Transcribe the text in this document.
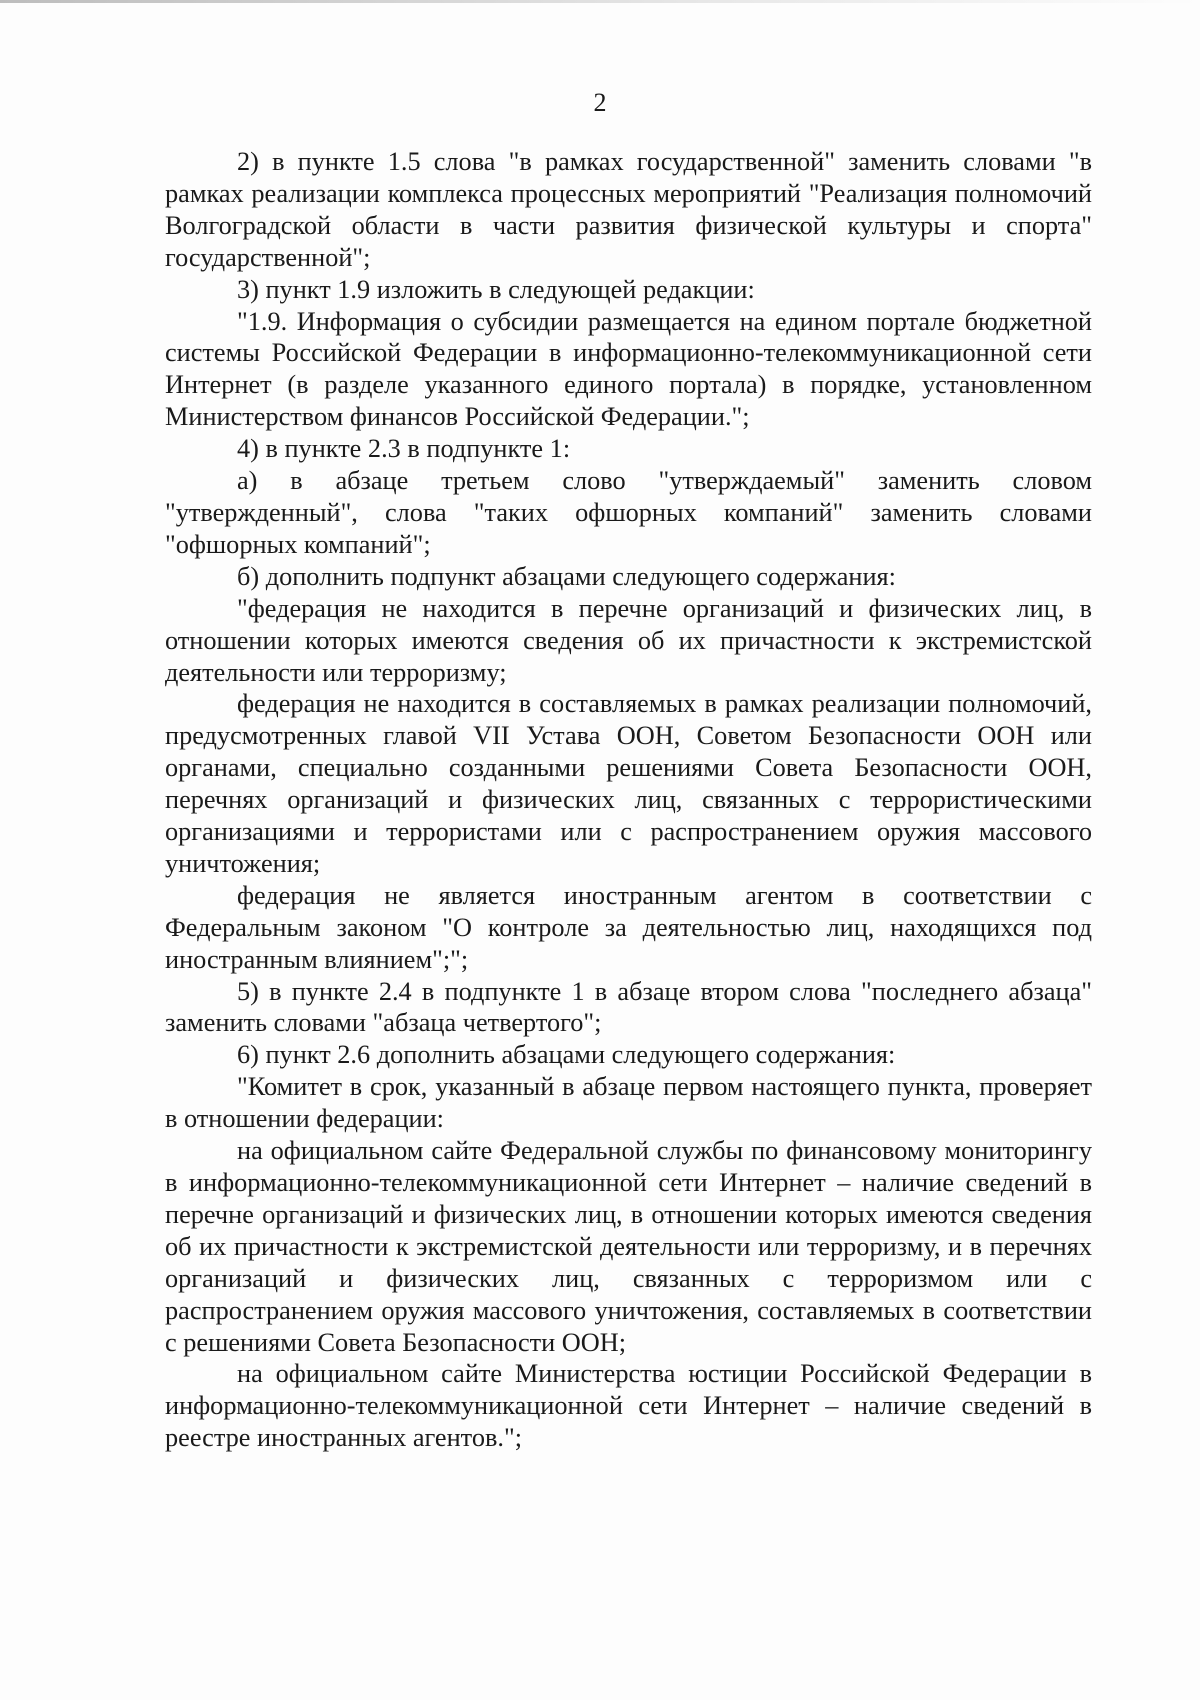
2

2) в пункте 1.5 слова "в рамках государственной" заменить словами "в рамках реализации комплекса процессных мероприятий "Реализация полномочий Волгоградской области в части развития физической культуры и спорта" государственной";

3) пункт 1.9 изложить в следующей редакции:

"1.9. Информация о субсидии размещается на едином портале бюджетной системы Российской Федерации в информационно-телекоммуникационной сети Интернет (в разделе указанного единого портала) в порядке, установленном Министерством финансов Российской Федерации.";

4) в пункте 2.3 в подпункте 1:

а) в абзаце третьем слово "утверждаемый" заменить словом "утвержденный", слова "таких офшорных компаний" заменить словами "офшорных компаний";

б) дополнить подпункт абзацами следующего содержания:

"федерация не находится в перечне организаций и физических лиц, в отношении которых имеются сведения об их причастности к экстремистской деятельности или терроризму;

федерация не находится в составляемых в рамках реализации полномочий, предусмотренных главой VII Устава ООН, Советом Безопасности ООН или органами, специально созданными решениями Совета Безопасности ООН, перечнях организаций и физических лиц, связанных с террористическими организациями и террористами или с распространением оружия массового уничтожения;

федерация не является иностранным агентом в соответствии с Федеральным законом "О контроле за деятельностью лиц, находящихся под иностранным влиянием";";

5) в пункте 2.4 в подпункте 1 в абзаце втором слова "последнего абзаца" заменить словами "абзаца четвертого";

6) пункт 2.6 дополнить абзацами следующего содержания:

"Комитет в срок, указанный в абзаце первом настоящего пункта, проверяет в отношении федерации:

на официальном сайте Федеральной службы по финансовому мониторингу в информационно-телекоммуникационной сети Интернет – наличие сведений в перечне организаций и физических лиц, в отношении которых имеются сведения об их причастности к экстремистской деятельности или терроризму, и в перечнях организаций и физических лиц, связанных с терроризмом или с распространением оружия массового уничтожения, составляемых в соответствии с решениями Совета Безопасности ООН;

на официальном сайте Министерства юстиции Российской Федерации в информационно-телекоммуникационной сети Интернет – наличие сведений в реестре иностранных агентов.";
